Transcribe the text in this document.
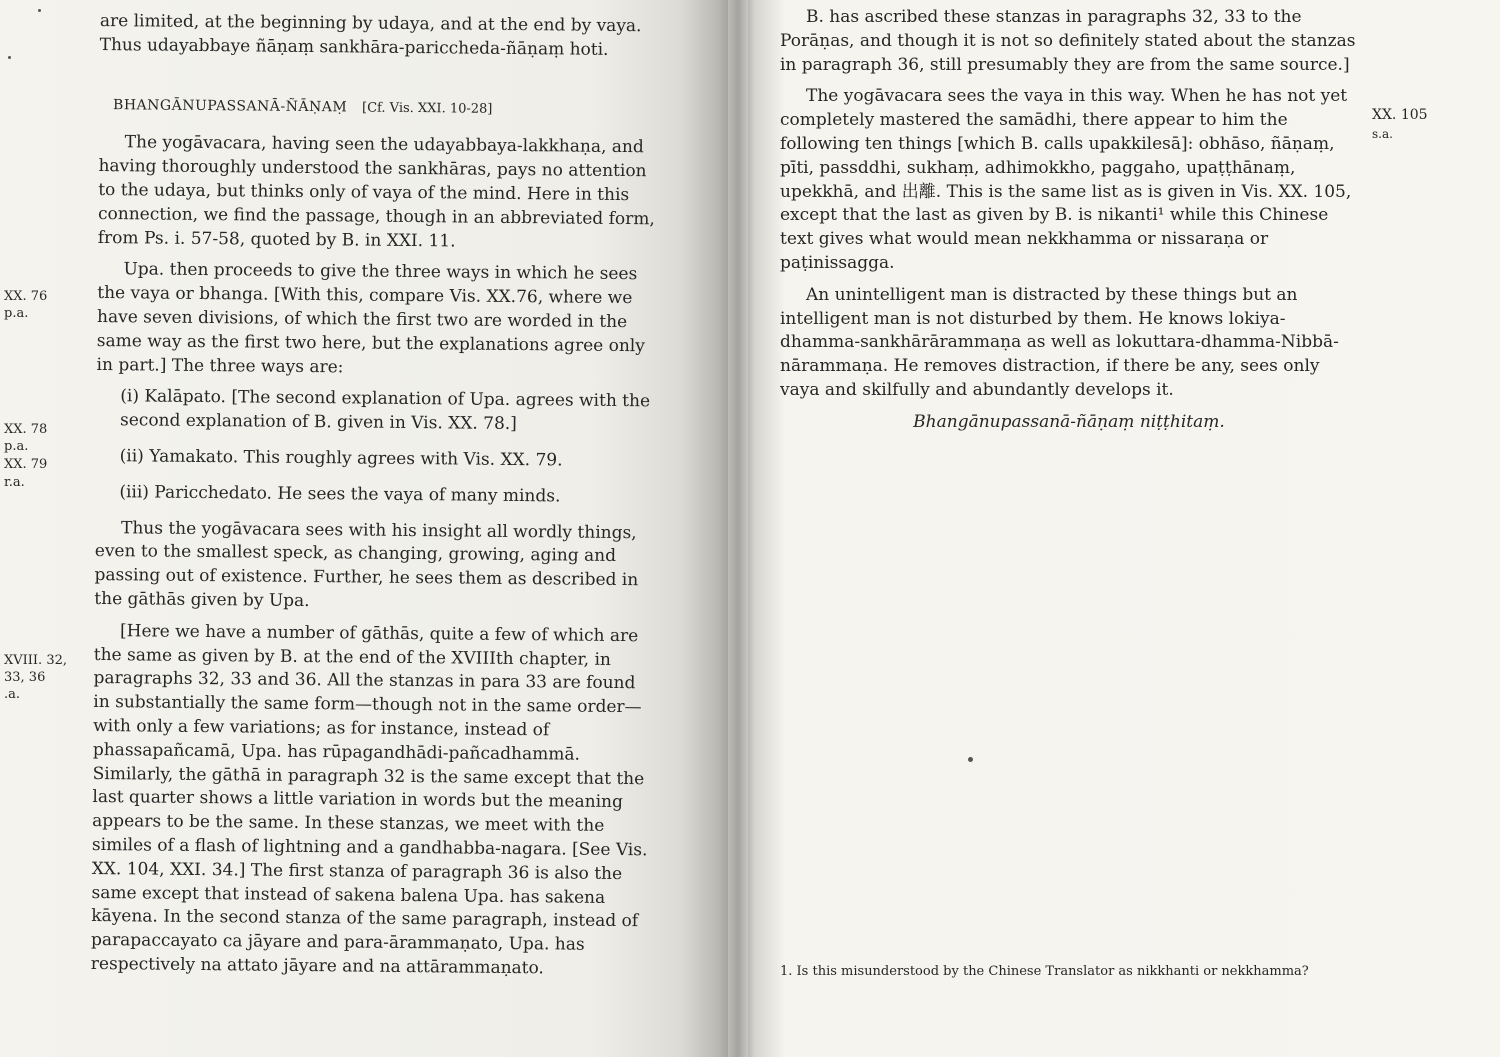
are limited, at the beginning by udaya, and at the end by vaya. Thus udayabbaye ñāṇaṃ sankhāra-pariccheda-ñāṇaṃ hoti.

BHANGĀNUPASSANĀ-ÑĀṆAṂ [Cf. Vis. XXI. 10-28]

The yogāvacara, having seen the udayabbaya-lakkhaṇa, and having thoroughly understood the sankhāras, pays no attention to the udaya, but thinks only of vaya of the mind. Here in this connection, we find the passage, though in an abbreviated form, from Ps. i. 57-58, quoted by B. in XXI. 11.

Upa. then proceeds to give the three ways in which he sees the vaya or bhanga. [With this, compare Vis. XX.76, where we have seven divisions, of which the first two are worded in the same way as the first two here, but the explanations agree only in part.] The three ways are:

(i) Kalāpato. [The second explanation of Upa. agrees with the second explanation of B. given in Vis. XX. 78.]

(ii) Yamakato. This roughly agrees with Vis. XX. 79.

(iii) Paricchedato. He sees the vaya of many minds.

Thus the yogāvacara sees with his insight all wordly things, even to the smallest speck, as changing, growing, aging and passing out of existence. Further, he sees them as described in the gāthās given by Upa.

[Here we have a number of gāthās, quite a few of which are the same as given by B. at the end of the XVIIIth chapter, in paragraphs 32, 33 and 36. All the stanzas in para 33 are found in substantially the same form—though not in the same order—with only a few variations; as for instance, instead of phassapañcamā, Upa. has rūpagandhādi-pañcadhammā. Similarly, the gāthā in paragraph 32 is the same except that the last quarter shows a little variation in words but the meaning appears to be the same. In these stanzas, we meet with the similes of a flash of lightning and a gandhabba-nagara. [See Vis. XX. 104, XXI. 34.] The first stanza of paragraph 36 is also the same except that instead of sakena balena Upa. has sakena kāyena. In the second stanza of the same paragraph, instead of parapaccayato ca jāyare and para-ārammaṇato, Upa. has respectively na attato jāyare and na attārammaṇato.

XX. 76
p.a.
XX. 78
p.a.
XX. 79
r.a.
XVIII. 32,
33, 36
.a.

B. has ascribed these stanzas in paragraphs 32, 33 to the Porāṇas, and though it is not so definitely stated about the stanzas in paragraph 36, still presumably they are from the same source.]

The yogāvacara sees the vaya in this way. When he has not yet completely mastered the samādhi, there appear to him the following ten things [which B. calls upakkilesā]: obhāso, ñāṇaṃ, pīti, passddhi, sukhaṃ, adhimokkho, paggaho, upaṭṭhānaṃ, upekkhā, and 出離. This is the same list as is given in Vis. XX. 105, except that the last as given by B. is nikanti¹ while this Chinese text gives what would mean nekkhamma or nissaraṇa or paṭinissagga.

An unintelligent man is distracted by these things but an intelligent man is not disturbed by them. He knows lokiya-dhamma-sankhārārammaṇa as well as lokuttara-dhamma-Nibbā-nārammaṇa. He removes distraction, if there be any, sees only vaya and skilfully and abundantly develops it.

Bhangānupassanā-ñāṇaṃ niṭṭhitaṃ.

XX. 105
s.a.
1. Is this misunderstood by the Chinese Translator as nikkhanti or nekkhamma?
